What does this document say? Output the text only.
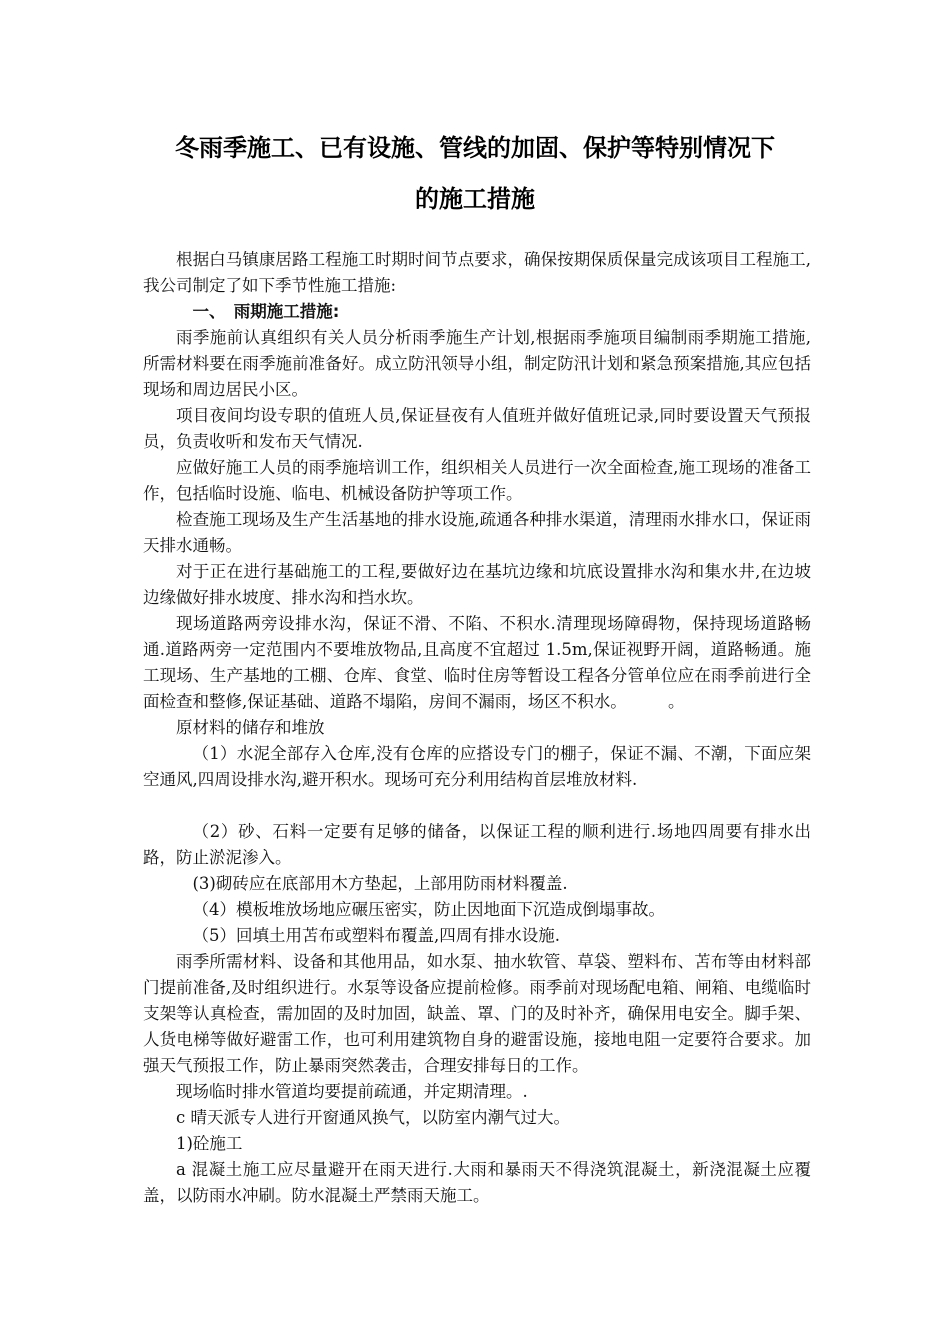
冬雨季施工、已有设施、管线的加固、保护等特别情况下
的施工措施

根据白马镇康居路工程施工时期时间节点要求，确保按期保质保量完成该项目工程施工,我公司制定了如下季节性施工措施:

一、　雨期施工措施:

雨季施前认真组织有关人员分析雨季施生产计划,根据雨季施项目编制雨季期施工措施,所需材料要在雨季施前准备好。成立防汛领导小组，制定防汛计划和紧急预案措施,其应包括现场和周边居民小区。

项目夜间均设专职的值班人员,保证昼夜有人值班并做好值班记录,同时要设置天气预报员，负责收听和发布天气情况.

应做好施工人员的雨季施培训工作，组织相关人员进行一次全面检查,施工现场的准备工作，包括临时设施、临电、机械设备防护等项工作。

检查施工现场及生产生活基地的排水设施,疏通各种排水渠道，清理雨水排水口，保证雨天排水通畅。

对于正在进行基础施工的工程,要做好边在基坑边缘和坑底设置排水沟和集水井,在边坡边缘做好排水坡度、排水沟和挡水坎。

现场道路两旁设排水沟，保证不滑、不陷、不积水.清理现场障碍物，保持现场道路畅通.道路两旁一定范围内不要堆放物品,且高度不宜超过 1.5m,保证视野开阔，道路畅通。施工现场、生产基地的工棚、仓库、食堂、临时住房等暂设工程各分管单位应在雨季前进行全面检查和整修,保证基础、道路不塌陷，房间不漏雨，场区不积水。　　　。

原材料的储存和堆放

（1）水泥全部存入仓库,没有仓库的应搭设专门的棚子，保证不漏、不潮，下面应架空通风,四周设排水沟,避开积水。现场可充分利用结构首层堆放材料.

（2）砂、石料一定要有足够的储备，以保证工程的顺利进行.场地四周要有排水出路，防止淤泥渗入。

(3)砌砖应在底部用木方垫起，上部用防雨材料覆盖.

（4）模板堆放场地应碾压密实，防止因地面下沉造成倒塌事故。

（5）回填土用苫布或塑料布覆盖,四周有排水设施.

雨季所需材料、设备和其他用品，如水泵、抽水软管、草袋、塑料布、苫布等由材料部门提前准备,及时组织进行。水泵等设备应提前检修。雨季前对现场配电箱、闸箱、电缆临时支架等认真检查，需加固的及时加固，缺盖、罩、门的及时补齐，确保用电安全。脚手架、人货电梯等做好避雷工作，也可利用建筑物自身的避雷设施，接地电阻一定要符合要求。加强天气预报工作，防止暴雨突然袭击，合理安排每日的工作。

现场临时排水管道均要提前疏通，并定期清理。.

c 晴天派专人进行开窗通风换气，以防室内潮气过大。

1)砼施工

a 混凝土施工应尽量避开在雨天进行.大雨和暴雨天不得浇筑混凝土，新浇混凝土应覆盖，以防雨水冲刷。防水混凝土严禁雨天施工。
